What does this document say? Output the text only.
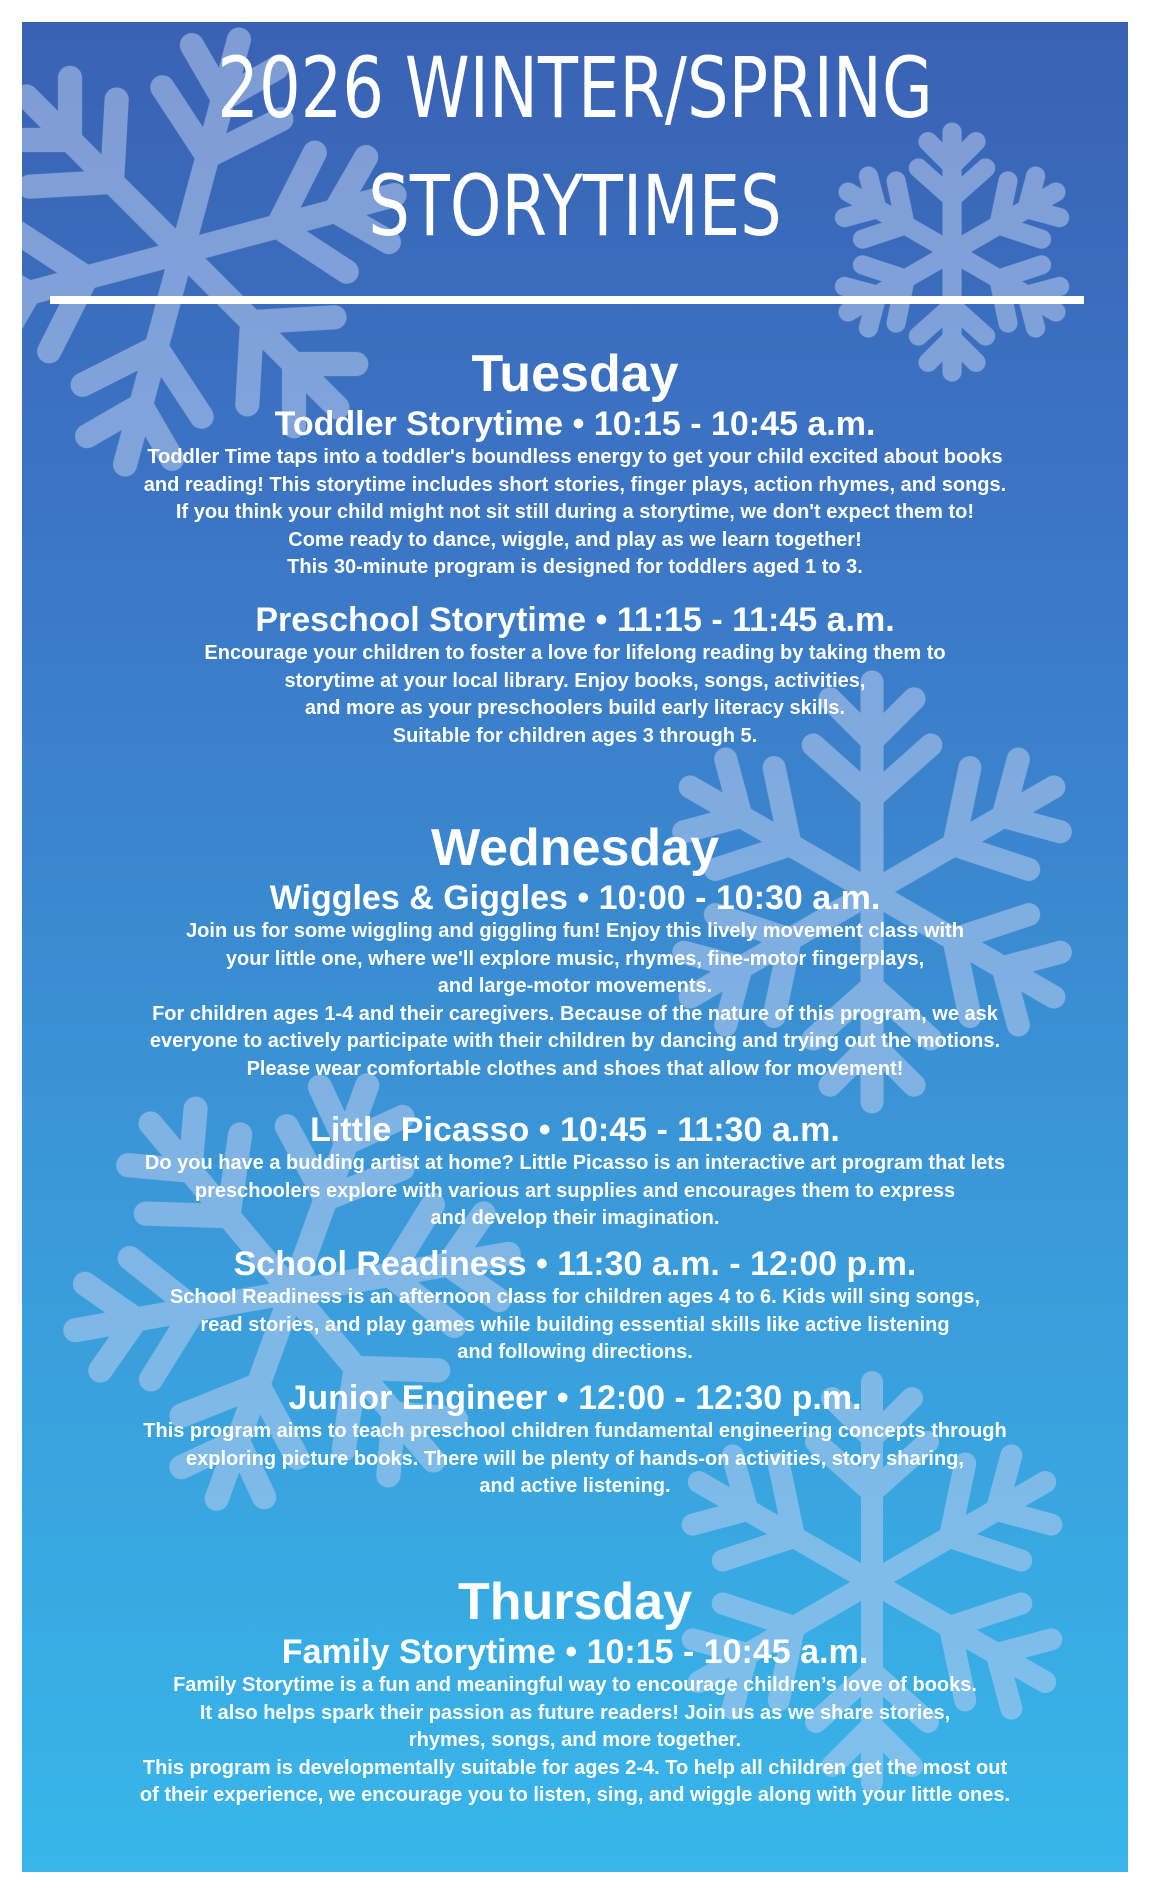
2026 WINTER/SPRING
STORYTIMES
Tuesday
Toddler Storytime • 10:15 - 10:45 a.m.
Toddler Time taps into a toddler's boundless energy to get your child excited about books
and reading! This storytime includes short stories, finger plays, action rhymes, and songs.
If you think your child might not sit still during a storytime, we don't expect them to!
Come ready to dance, wiggle, and play as we learn together!
This 30-minute program is designed for toddlers aged 1 to 3.
Preschool Storytime • 11:15 - 11:45 a.m.
Encourage your children to foster a love for lifelong reading by taking them to
storytime at your local library. Enjoy books, songs, activities,
and more as your preschoolers build early literacy skills.
Suitable for children ages 3 through 5.
Wednesday
Wiggles & Giggles • 10:00 - 10:30 a.m.
Join us for some wiggling and giggling fun! Enjoy this lively movement class with
your little one, where we'll explore music, rhymes, fine-motor fingerplays,
and large-motor movements.
For children ages 1-4 and their caregivers. Because of the nature of this program, we ask
everyone to actively participate with their children by dancing and trying out the motions.
Please wear comfortable clothes and shoes that allow for movement!
Little Picasso • 10:45 - 11:30 a.m.
Do you have a budding artist at home? Little Picasso is an interactive art program that lets
preschoolers explore with various art supplies and encourages them to express
and develop their imagination.
School Readiness • 11:30 a.m. - 12:00 p.m.
School Readiness is an afternoon class for children ages 4 to 6. Kids will sing songs,
read stories, and play games while building essential skills like active listening
and following directions.
Junior Engineer • 12:00 - 12:30 p.m.
This program aims to teach preschool children fundamental engineering concepts through
exploring picture books. There will be plenty of hands-on activities, story sharing,
and active listening.
Thursday
Family Storytime • 10:15 - 10:45 a.m.
Family Storytime is a fun and meaningful way to encourage children’s love of books.
It also helps spark their passion as future readers! Join us as we share stories,
rhymes, songs, and more together.
This program is developmentally suitable for ages 2-4. To help all children get the most out
of their experience, we encourage you to listen, sing, and wiggle along with your little ones.
